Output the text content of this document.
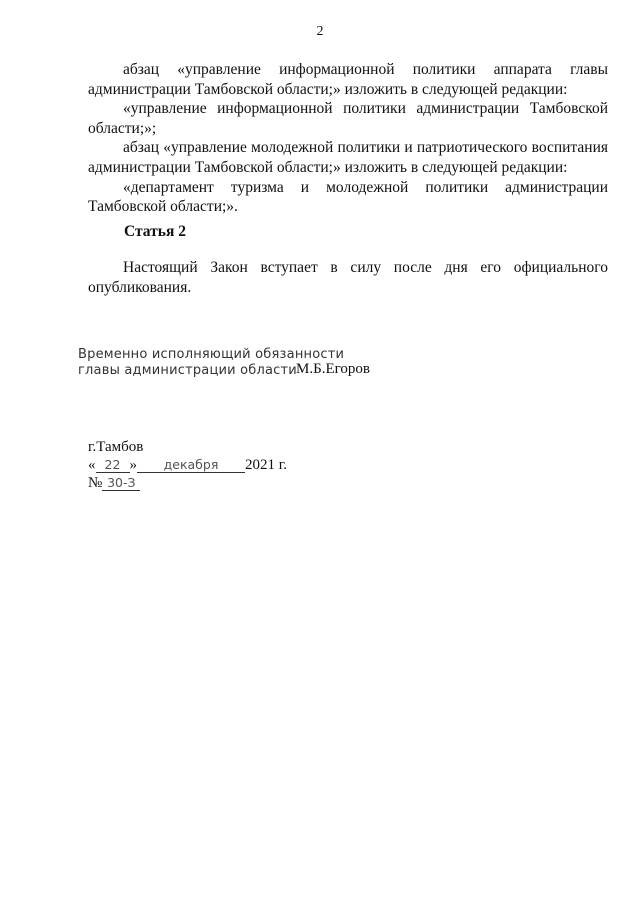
2

абзац «управление информационной политики аппарата главы администрации Тамбовской области;» изложить в следующей редакции:

«управление информационной политики администрации Тамбовской области;»;

абзац «управление молодежной политики и патриотического воспитания администрации Тамбовской области;» изложить в следующей редакции:

«департамент туризма и молодежной политики администрации Тамбовской области;».

Статья 2

Настоящий Закон вступает в силу после дня его официального опубликования.

Временно исполняющий обязанности
главы администрации области М.Б.Егоров
г.Тамбов
« 22 » декабря 2021 г.
№ 30-З
